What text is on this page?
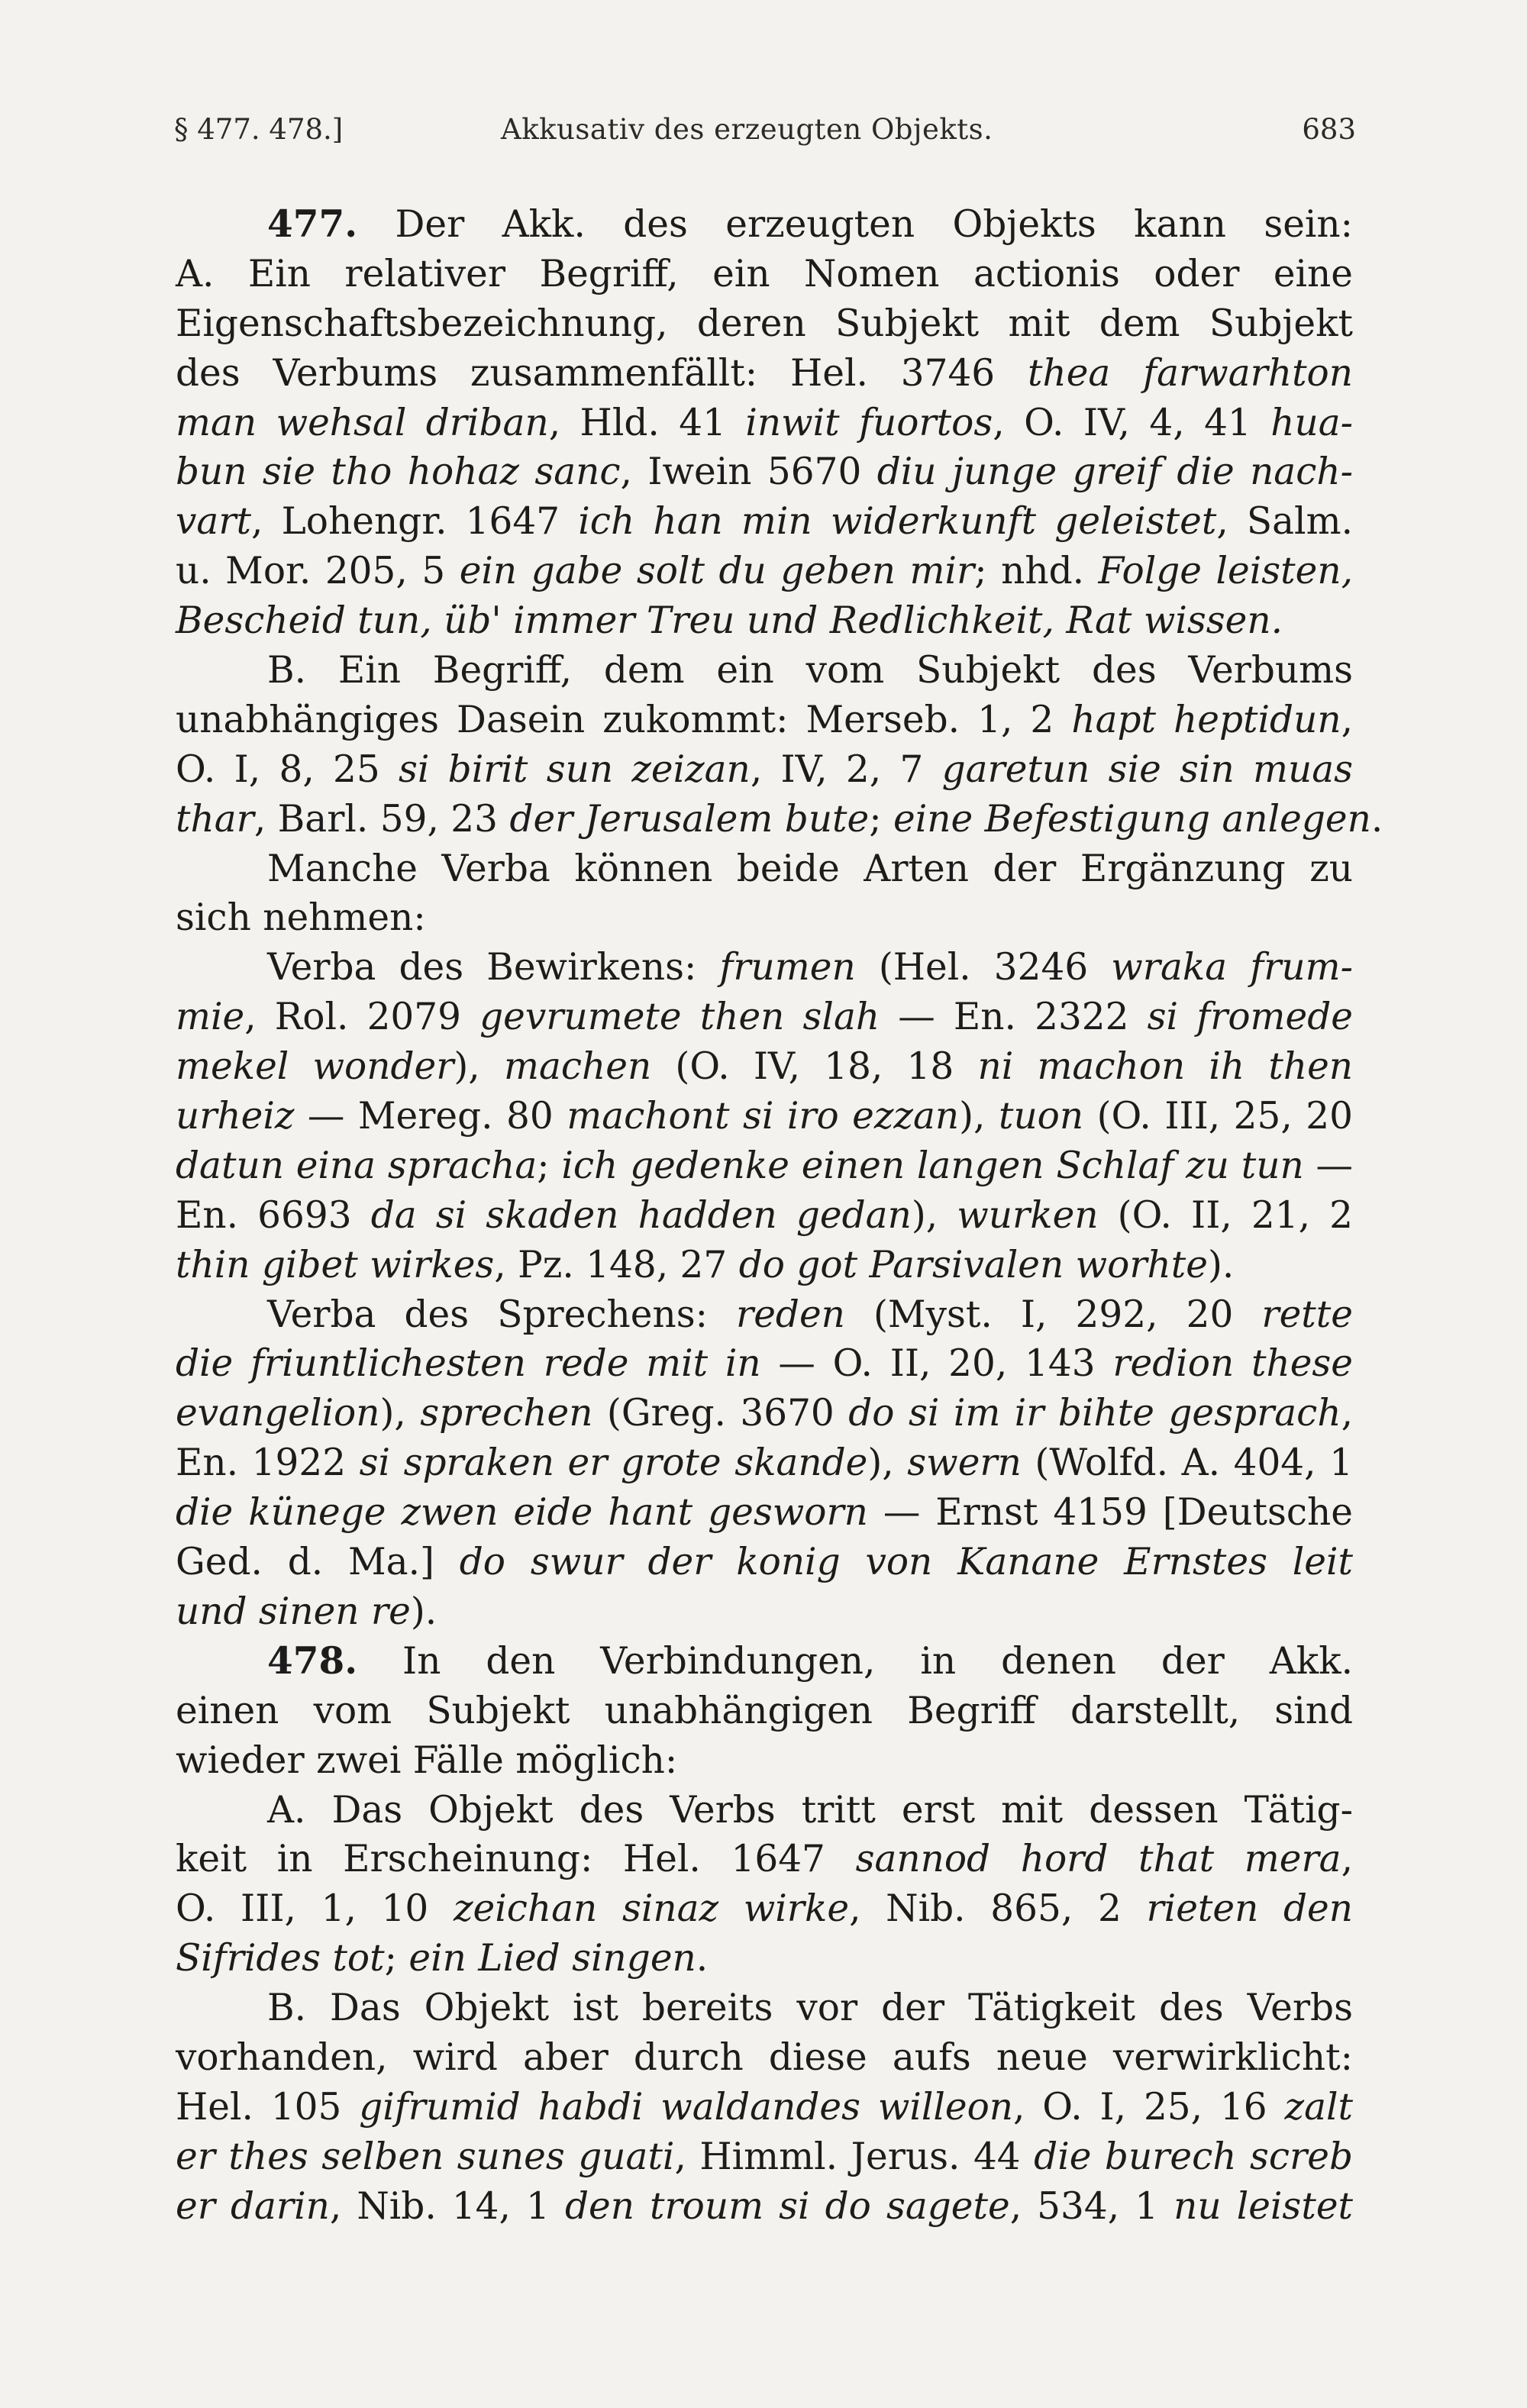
§ 477. 478.]	Akkusativ des erzeugten Objekts.	683
477. Der Akk. des erzeugten Objekts kann sein:
A. Ein relativer Begriff, ein Nomen actionis oder eine
Eigenschaftsbezeichnung, deren Subjekt mit dem Subjekt
des Verbums zusammenfällt: Hel. 3746 thea farwarhton
man wehsal driban, Hld. 41 inwit fuortos, O. IV, 4, 41 hua-
bun sie tho hohaz sanc, Iwein 5670 diu junge greif die nach-
vart, Lohengr. 1647 ich han min widerkunft geleistet, Salm.
u. Mor. 205, 5 ein gabe solt du geben mir; nhd. Folge leisten,
Bescheid tun, üb' immer Treu und Redlichkeit, Rat wissen.
B. Ein Begriff, dem ein vom Subjekt des Verbums
unabhängiges Dasein zukommt: Merseb. 1, 2 hapt heptidun,
O. I, 8, 25 si birit sun zeizan, IV, 2, 7 garetun sie sin muas
thar, Barl. 59, 23 der Jerusalem bute; eine Befestigung anlegen.
Manche Verba können beide Arten der Ergänzung zu
sich nehmen:
Verba des Bewirkens: frumen (Hel. 3246 wraka frum-
mie, Rol. 2079 gevrumete then slah — En. 2322 si fromede
mekel wonder), machen (O. IV, 18, 18 ni machon ih then
urheiz — Mereg. 80 machont si iro ezzan), tuon (O. III, 25, 20
datun eina spracha; ich gedenke einen langen Schlaf zu tun —
En. 6693 da si skaden hadden gedan), wurken (O. II, 21, 2
thin gibet wirkes, Pz. 148, 27 do got Parsivalen worhte).
Verba des Sprechens: reden (Myst. I, 292, 20 rette
die friuntlichesten rede mit in — O. II, 20, 143 redion these
evangelion), sprechen (Greg. 3670 do si im ir bihte gesprach,
En. 1922 si spraken er grote skande), swern (Wolfd. A. 404, 1
die künege zwen eide hant gesworn — Ernst 4159 [Deutsche
Ged. d. Ma.] do swur der konig von Kanane Ernstes leit
und sinen re).
478. In den Verbindungen, in denen der Akk.
einen vom Subjekt unabhängigen Begriff darstellt, sind
wieder zwei Fälle möglich:
A. Das Objekt des Verbs tritt erst mit dessen Tätig-
keit in Erscheinung: Hel. 1647 sannod hord that mera,
O. III, 1, 10 zeichan sinaz wirke, Nib. 865, 2 rieten den
Sifrides tot; ein Lied singen.
B. Das Objekt ist bereits vor der Tätigkeit des Verbs
vorhanden, wird aber durch diese aufs neue verwirklicht:
Hel. 105 gifrumid habdi waldandes willeon, O. I, 25, 16 zalt
er thes selben sunes guati, Himml. Jerus. 44 die burech screb
er darin, Nib. 14, 1 den troum si do sagete, 534, 1 nu leistet
